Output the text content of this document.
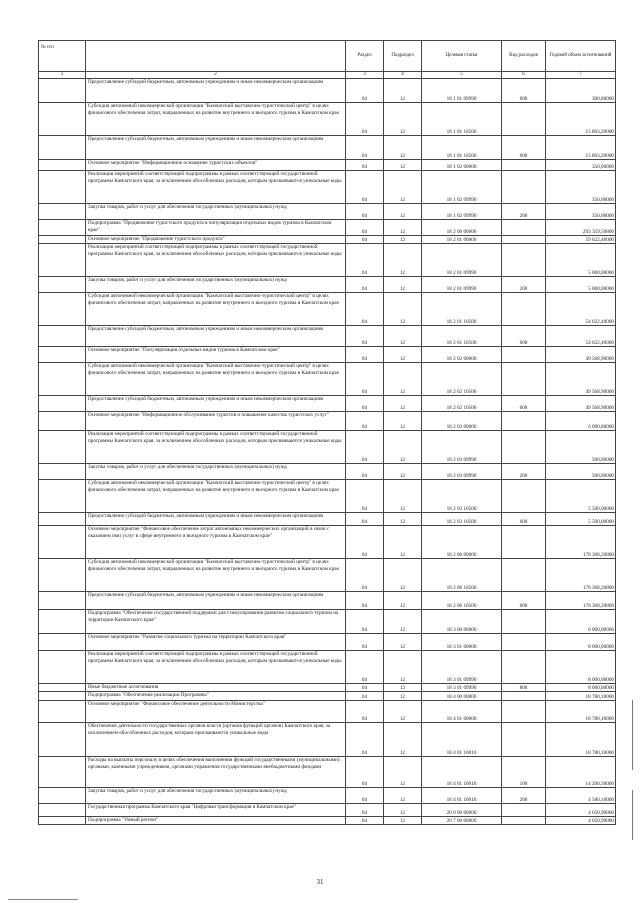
№ п/п		Раздел	Подраздел	Целевая статья	Вид расходов	Годовой объем ассигнований
1	2	3	4	5	6	7
	Предоставление субсидий бюджетным, автономным учреждениям и иным некоммерческим организациям	04	12	18 1 01 09990	600	300,00000
	Субсидия автономной некоммерческой организации "Камчатский выставочно-туристический центр" в целях финансового обеспечения затрат, направленных на развитие внутреннего и въездного туризма в Камчатском крае	04	12	18 1 01 10500		15 803,20000
	Предоставление субсидий бюджетным, автономным учреждениям и иным некоммерческим организациям	04	12	18 1 01 10500	600	15 803,20000
	Основное мероприятие "Информационное оснащение туристских объектов"	04	12	18 1 02 00000		350,00000
	Реализация мероприятий соответствующей подпрограммы в рамках соответствующей государственной программы Камчатского края, за исключением обособленных расходов, которым присваиваются уникальные коды	04	12	18 1 02 09990		350,00000
	Закупка товаров, работ и услуг для обеспечения государственных (муниципальных) нужд	04	12	18 1 02 09990	200	350,00000
	Подпрограмма "Продвижение туристского продукта в популяризация отдельных видов туризма в Камчатском крае"	04	12	18 2 00 00000		293 359,50800
	Основное мероприятие "Продвижение туристского продукта"	04	12	18 2 01 00000		59 622,40000
	Реализация мероприятий соответствующей подпрограммы в рамках соответствующей государственной программы Камчатского края, за исключением обособленных расходов, которым присваиваются уникальные коды	04	12	18 2 01 09990		5 000,00000
	Закупка товаров, работ и услуг для обеспечения государственных (муниципальных) нужд	04	12	18 2 01 09990	200	5 000,00000
	Субсидия автономной некоммерческой организации "Камчатский выставочно-туристический центр" в целях финансового обеспечения затрат, направленных на развитие внутреннего и въездного туризма в Камчатском крае	04	12	18 2 01 10500		54 622,40000
	Предоставление субсидий бюджетным, автономным учреждениям и иным некоммерческим организациям	04	12	18 2 01 10500	600	54 622,40000
	Основное мероприятие "Популяризация отдельных видов туризма в Камчатском крае"	04	12	18 2 02 00000		49 568,90000
	Субсидия автономной некоммерческой организации "Камчатский выставочно-туристический центр" в целях финансового обеспечения затрат, направленных на развитие внутреннего и въездного туризма в Камчатском крае	04	12	18 2 02 10500		49 568,90000
	Предоставление субсидий бюджетным, автономным учреждениям и иным некоммерческим организациям	04	12	18 2 02 10500	600	49 568,90000
	Основное мероприятие "Информационное обслуживание туристов и повышение качества туристских услуг"	04	12	18 2 03 00000		6 000,00000
	Реализация мероприятий соответствующей подпрограммы в рамках соответствующей государственной программы Камчатского края, за исключением обособленных расходов, которым присваиваются уникальные коды	04	12	18 2 03 09990		500,00000
	Закупка товаров, работ и услуг для обеспечения государственных (муниципальных) нужд	04	12	18 2 03 09990	200	500,00000
	Субсидия автономной некоммерческой организации "Камчатский выставочно-туристический центр" в целях финансового обеспечения затрат, направленных на развитие внутреннего и въездного туризма в Камчатском крае	04	12	18 2 03 10500		5 500,00000
	Предоставление субсидий бюджетным, автономным учреждениям и иным некоммерческим организациям	04	12	18 2 03 10500	600	5 500,00000
	Основное мероприятие "Финансовое обеспечение затрат автономных некоммерческих организаций в связи с оказанием ими услуг в сфере внутреннего и въездного туризма в Камчатском крае"	04	12	18 2 06 00000		178 368,20800
	Субсидия автономной некоммерческой организации "Камчатский выставочно-туристический центр" в целях финансового обеспечения затрат, направленных на развитие внутреннего и въездного туризма в Камчатском крае	04	12	18 2 06 10500		178 368,20800
	Предоставление субсидий бюджетным, автономным учреждениям и иным некоммерческим организациям	04	12	18 2 06 10500	600	178 368,20800
	Подпрограмма "Обеспечение государственной поддержки для стимулирования развития социального туризма на территории Камчатского края"	04	12	18 3 00 00000		8 000,00000
	Основное мероприятие "Развитие социального туризма на территории Камчатского края"	04	12	18 3 01 00000		8 000,00000
	Реализация мероприятий соответствующей подпрограммы в рамках соответствующей государственной программы Камчатского края, за исключением обособленных расходов, которым присваиваются уникальные коды	04	12	18 3 01 09990		8 000,00000
	Иные бюджетные ассигнования	04	12	18 3 01 09990	800	8 000,00000
	Подпрограмма "Обеспечение реализации Программы"	04	12	18 4 00 00000		18 780,10000
	Основное мероприятие "Финансовое обеспечение деятельности Министерства"	04	12	18 4 01 00000		18 780,10000
	Обеспечение деятельности государственных органов власти (органов функций органов) Камчатского края, за исключением обособленных расходов, которым присваиваются уникальные коды	04	12	18 4 01 10010		18 780,10000
	Расходы на выплаты персоналу в целях обеспечения выполнения функций государственными (муниципальными) органами, казенными учреждениями, органами управления государственными внебюджетными фондами	04	12	18 4 01 10010	100	14 200,30000
	Закупка товаров, работ и услуг для обеспечения государственных (муниципальных) нужд	04	12	18 4 01 10010	200	4 580,10000
	Государственная программа Камчатского края "Цифровая трансформация в Камчатском крае"	04	12	20 0 00 00000		4 650,90000
	Подпрограмма "Умный регион"	04	12	20 7 00 00000		4 650,90000
31
